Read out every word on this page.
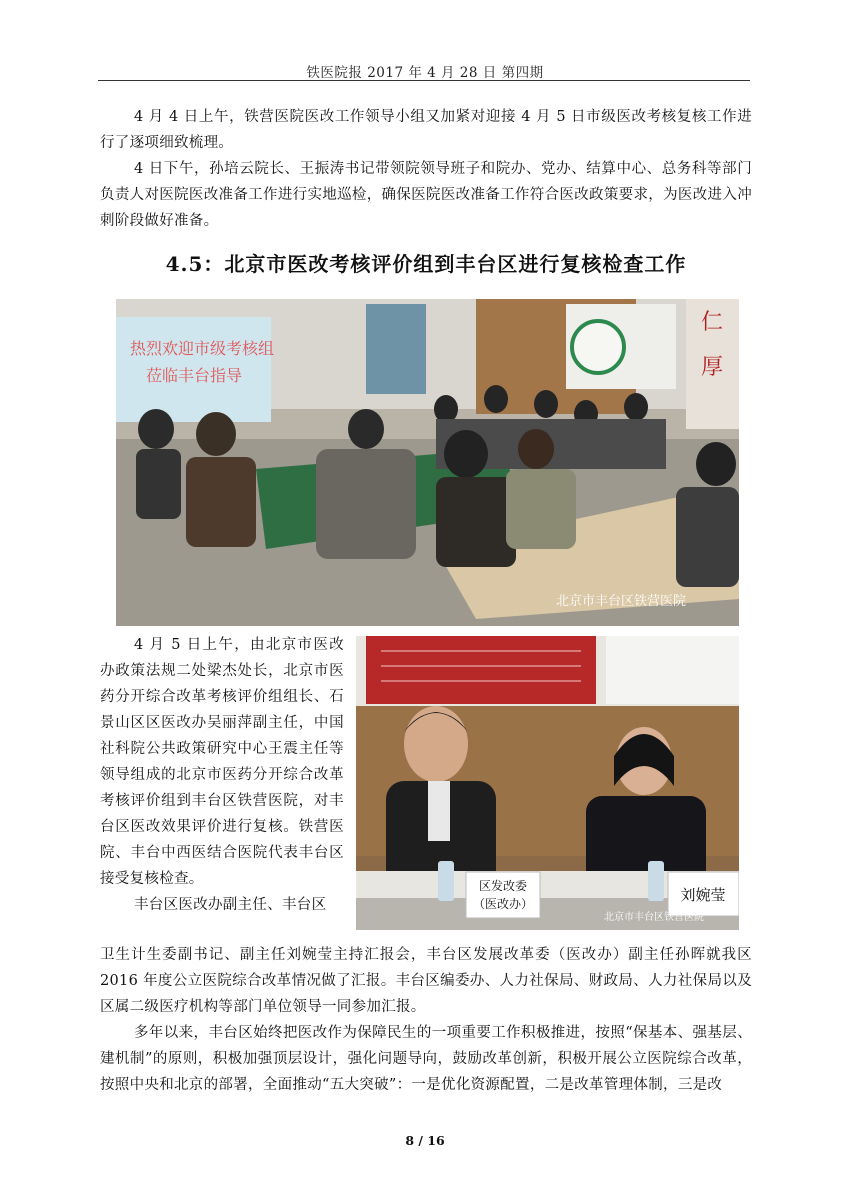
铁医院报 2017 年 4 月 28 日 第四期
4 月 4 日上午，铁营医院医改工作领导小组又加紧对迎接 4 月 5 日市级医改考核复核工作进行了逐项细致梳理。
4 日下午，孙培云院长、王振涛书记带领院领导班子和院办、党办、结算中心、总务科等部门负责人对医院医改准备工作进行实地巡检，确保医院医改准备工作符合医改政策要求，为医改进入冲刺阶段做好准备。
4.5：北京市医改考核评价组到丰台区进行复核检查工作
仁
厚
热烈欢迎市级考核组
莅临丰台指导
北京市丰台区铁营医院
区发改委
（医改办）	刘婉莹
北京市丰台区铁营医院

4 月 5 日上午，由北京市医改办政策法规二处梁杰处长，北京市医药分开综合改革考核评价组组长、石景山区区医改办吴丽萍副主任，中国社科院公共政策研究中心王震主任等领导组成的北京市医药分开综合改革考核评价组到丰台区铁营医院，对丰台区医改效果评价进行复核。铁营医院、丰台中西医结合医院代表丰台区接受复核检查。

丰台区医改办副主任、丰台区

卫生计生委副书记、副主任刘婉莹主持汇报会，丰台区发展改革委（医改办）副主任孙晖就我区 2016 年度公立医院综合改革情况做了汇报。丰台区编委办、人力社保局、财政局、人力社保局以及区属二级医疗机构等部门单位领导一同参加汇报。

多年以来，丰台区始终把医改作为保障民生的一项重要工作积极推进，按照“保基本、强基层、建机制”的原则，积极加强顶层设计，强化问题导向，鼓励改革创新，积极开展公立医院综合改革，按照中央和北京的部署，全面推动“五大突破”：一是优化资源配置，二是改革管理体制，三是改

8 / 16
